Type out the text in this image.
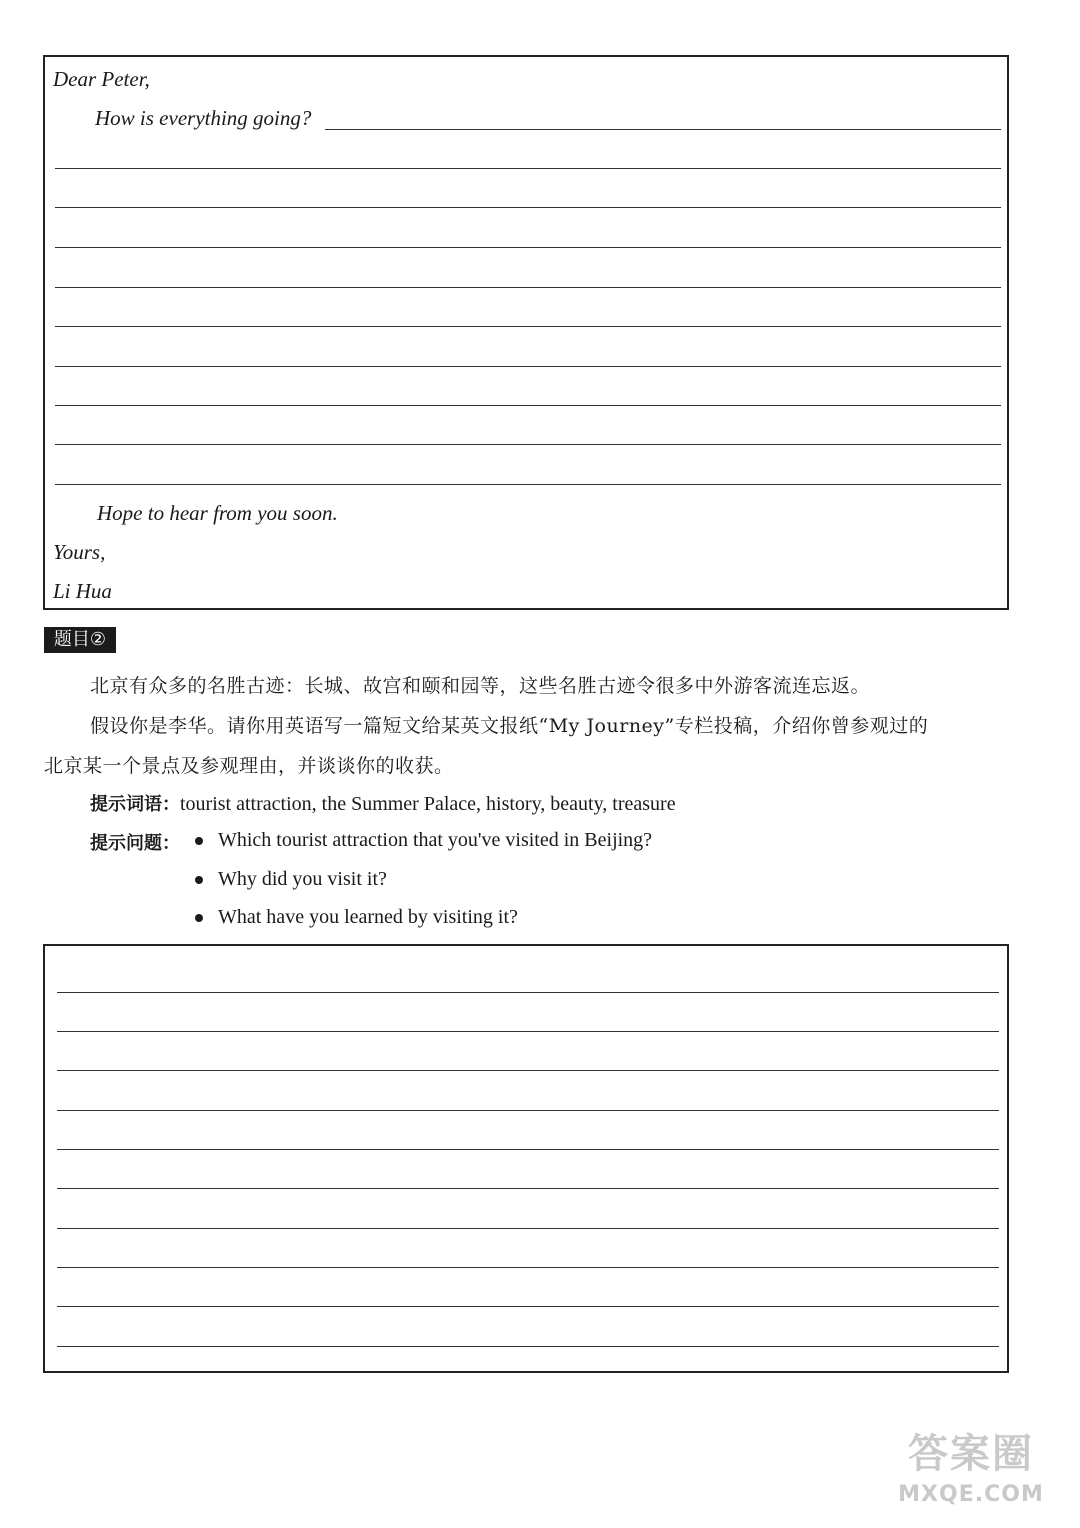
Dear Peter,
How is everything going?
Hope to hear from you soon.
Yours,
Li Hua
题目②
北京有众多的名胜古迹：长城、故宫和颐和园等，这些名胜古迹令很多中外游客流连忘返。
假设你是李华。请你用英语写一篇短文给某英文报纸“My Journey”专栏投稿，介绍你曾参观过的
北京某一个景点及参观理由，并谈谈你的收获。
提示词语：tourist attraction, the Summer Palace, history, beauty, treasure
提示问题： Which tourist attraction that you've visited in Beijing?
Why did you visit it?
What have you learned by visiting it?
答案圈
MXQE.COM
